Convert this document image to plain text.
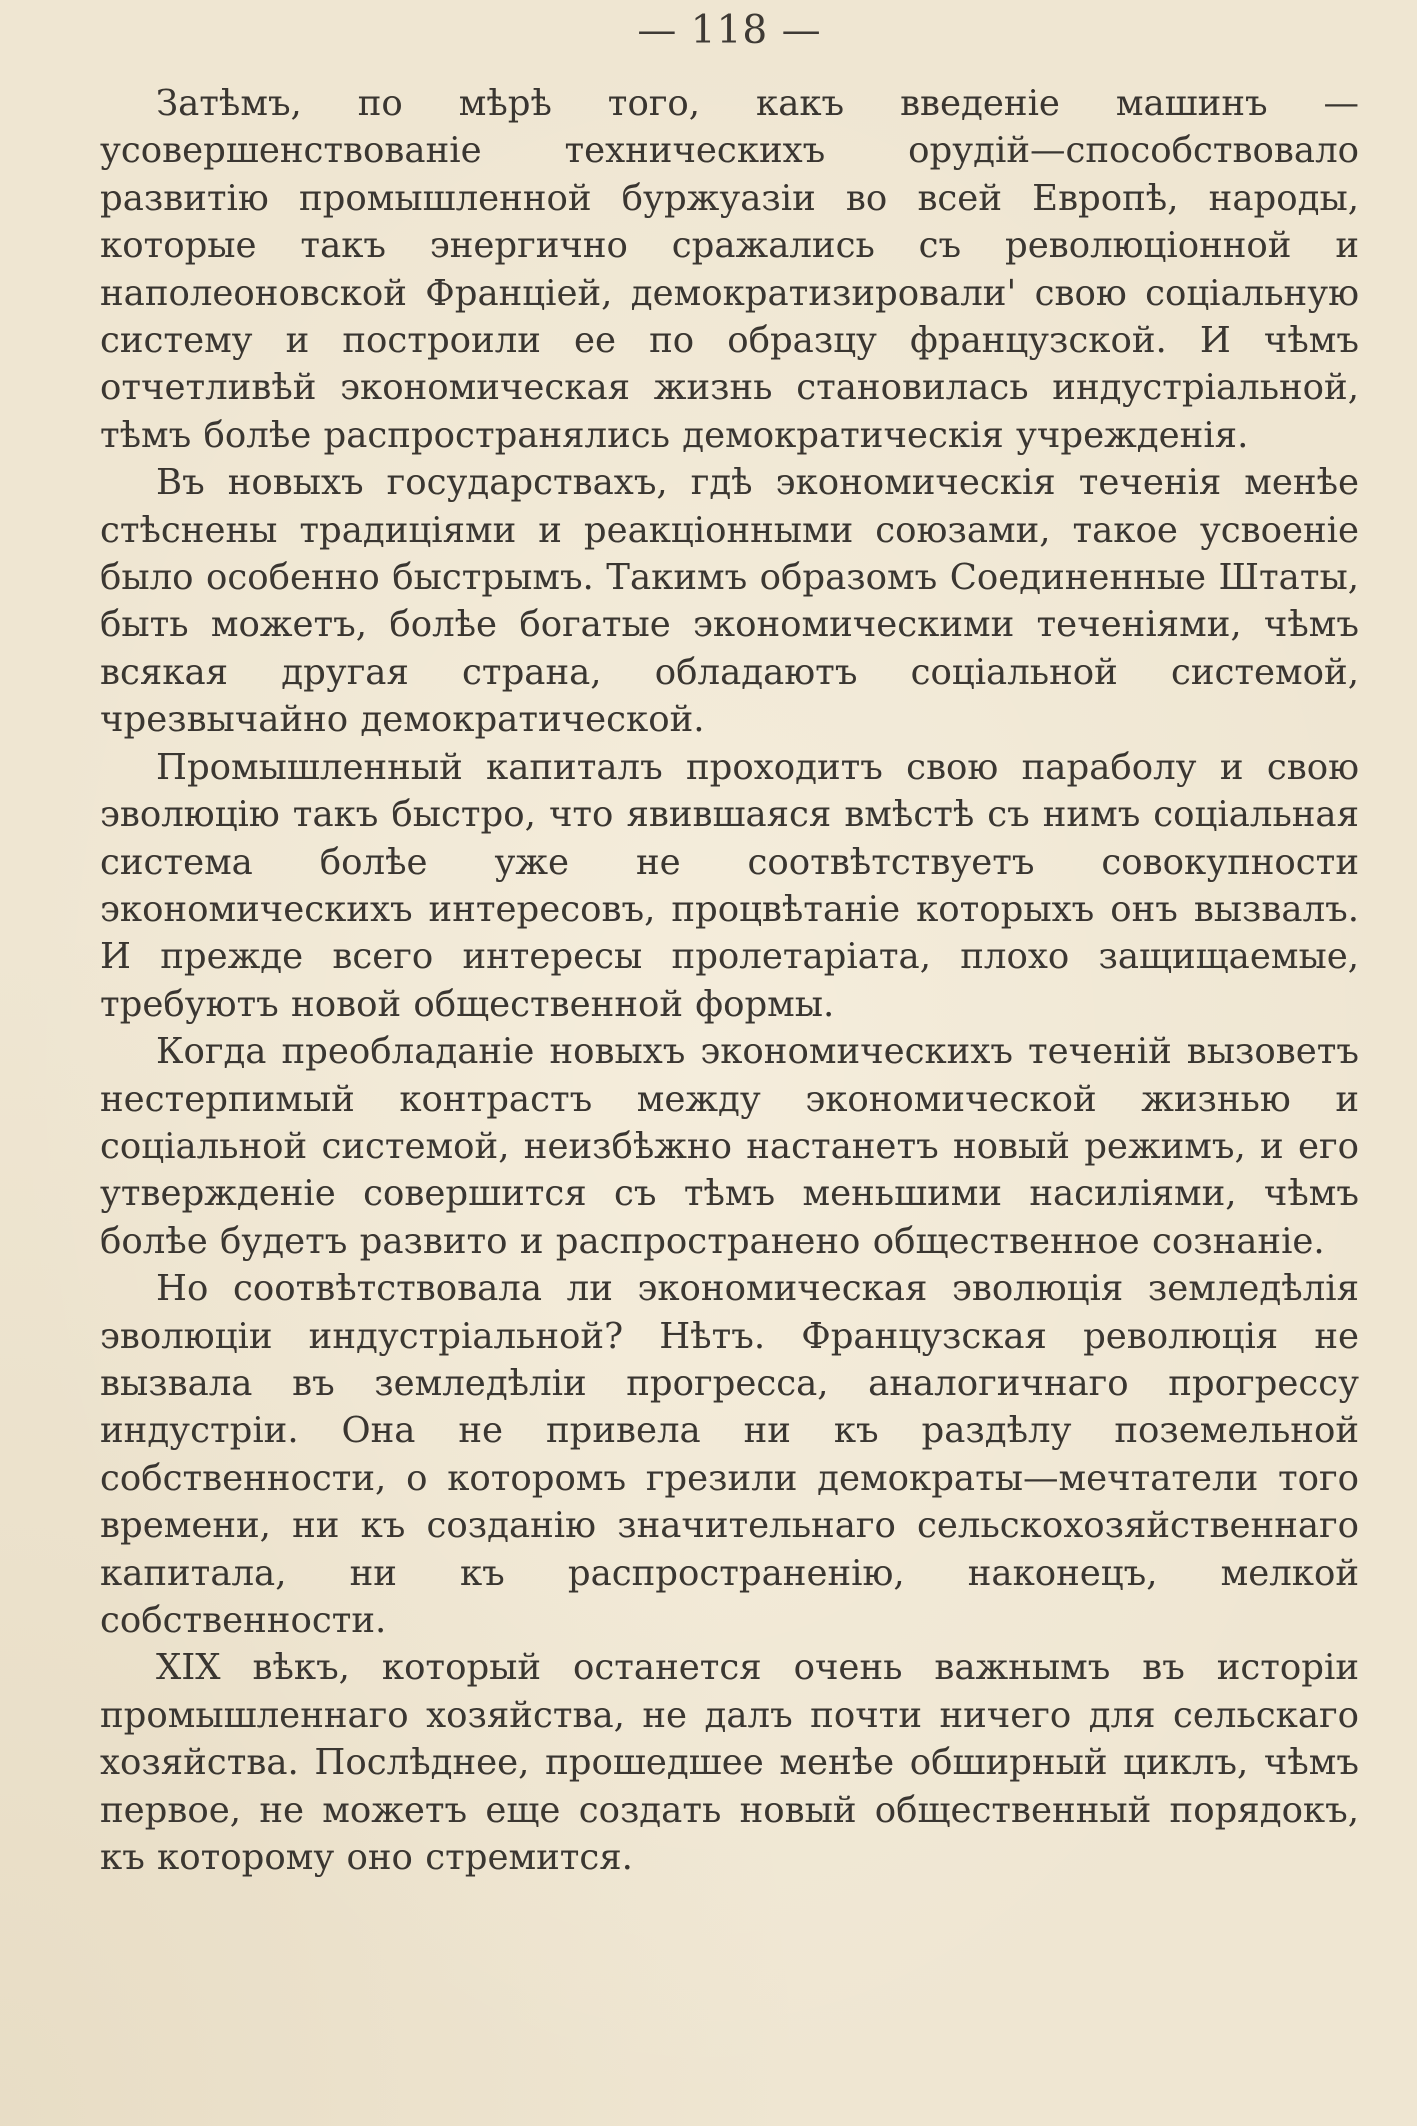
— 118 —

Затѣмъ, по мѣрѣ того, какъ введеніе машинъ —усовершенствованіе техническихъ орудій—способствовало развитію промышленной буржуазіи во всей Европѣ, народы, которые такъ энергично сражались съ революціонной и наполеоновской Франціей, демократизировали' свою соціальную систему и построили ее по образцу французской. И чѣмъ отчетливѣй экономическая жизнь становилась индустріальной, тѣмъ болѣе распространялись демократическія учрежденія.

Въ новыхъ государствахъ, гдѣ экономическія теченія менѣе стѣснены традиціями и реакціонными союзами, такое усвоеніе было особенно быстрымъ. Такимъ образомъ Соединенные Штаты, быть можетъ, болѣе богатые экономическими теченіями, чѣмъ всякая другая страна, обладаютъ соціальной системой, чрезвычайно демократической.

Промышленный капиталъ проходитъ свою параболу и свою эволюцію такъ быстро, что явившаяся вмѣстѣ съ нимъ соціальная система болѣе уже не соотвѣтствуетъ совокупности экономическихъ интересовъ, процвѣтаніе которыхъ онъ вызвалъ. И прежде всего интересы пролетаріата, плохо защищаемые, требуютъ новой общественной формы.

Когда преобладаніе новыхъ экономическихъ теченій вызоветъ нестерпимый контрастъ между экономической жизнью и соціальной системой, неизбѣжно настанетъ новый режимъ, и его утвержденіе совершится съ тѣмъ меньшими насиліями, чѣмъ болѣе будетъ развито и распространено общественное сознаніе.

Но соотвѣтствовала ли экономическая эволюція земледѣлія эволюціи индустріальной? Нѣтъ. Французская революція не вызвала въ земледѣліи прогресса, аналогичнаго прогрессу индустріи. Она не привела ни къ раздѣлу поземельной собственности, о которомъ грезили демократы—мечтатели того времени, ни къ созданію значительнаго сельскохозяйственнаго капитала, ни къ распространенію, наконецъ, мелкой собственности.

XIX вѣкъ, который останется очень важнымъ въ исторіи промышленнаго хозяйства, не далъ почти ничего для сельскаго хозяйства. Послѣднее, прошедшее менѣе обширный циклъ, чѣмъ первое, не можетъ еще создать новый общественный порядокъ, къ которому оно стремится.
